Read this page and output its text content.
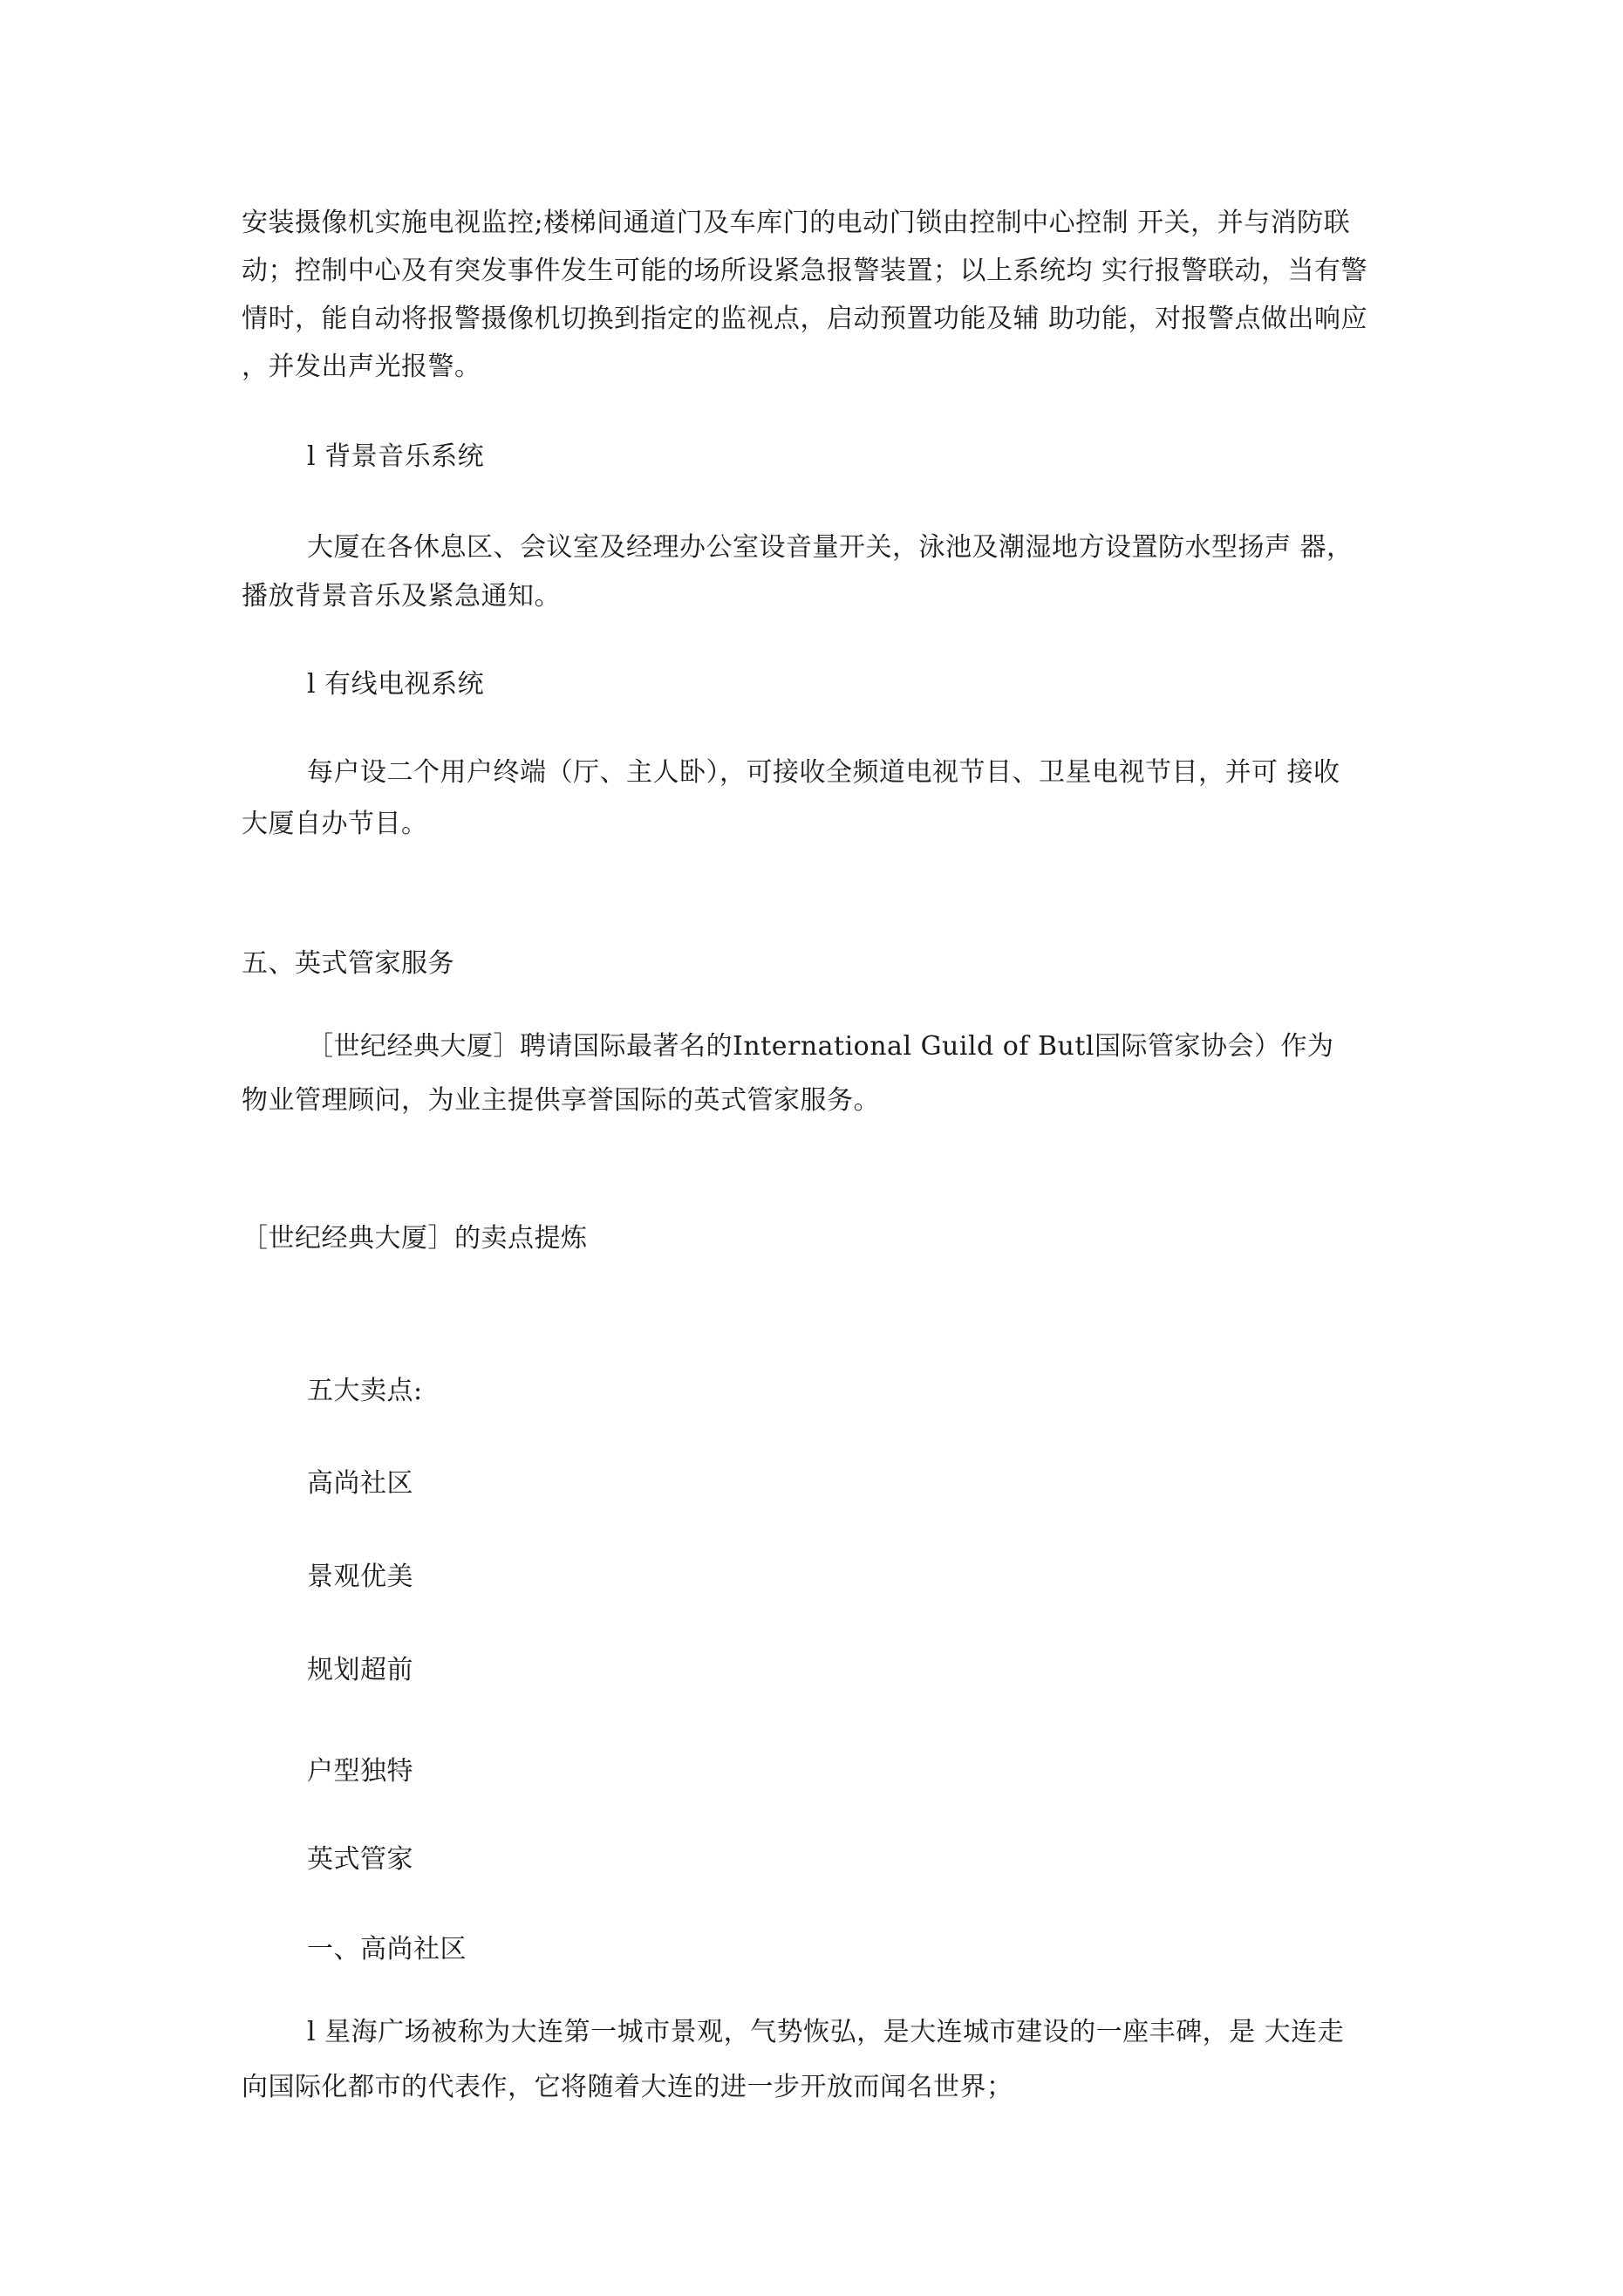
安装摄像机实施电视监控;楼梯间通道门及车库门的电动门锁由控制中心控制 开关，并与消防联
动；控制中心及有突发事件发生可能的场所设紧急报警装置；以上系统均 实行报警联动，当有警
情时，能自动将报警摄像机切换到指定的监视点，启动预置功能及辅 助功能，对报警点做出响应
，并发出声光报警。
l 背景音乐系统
大厦在各休息区、会议室及经理办公室设音量开关，泳池及潮湿地方设置防水型扬声 器，
播放背景音乐及紧急通知。
l 有线电视系统
每户设二个用户终端（厅、主人卧），可接收全频道电视节目、卫星电视节目，并可 接收
大厦自办节目。
五、英式管家服务
［世纪经典大厦］聘请国际最著名的International Guild of Butl国际管家协会）作为
物业管理顾问，为业主提供享誉国际的英式管家服务。
［世纪经典大厦］的卖点提炼
五大卖点:
高尚社区
景观优美
规划超前
户型独特
英式管家
一、高尚社区
l 星海广场被称为大连第一城市景观，气势恢弘，是大连城市建设的一座丰碑，是 大连走
向国际化都市的代表作，它将随着大连的进一步开放而闻名世界；
